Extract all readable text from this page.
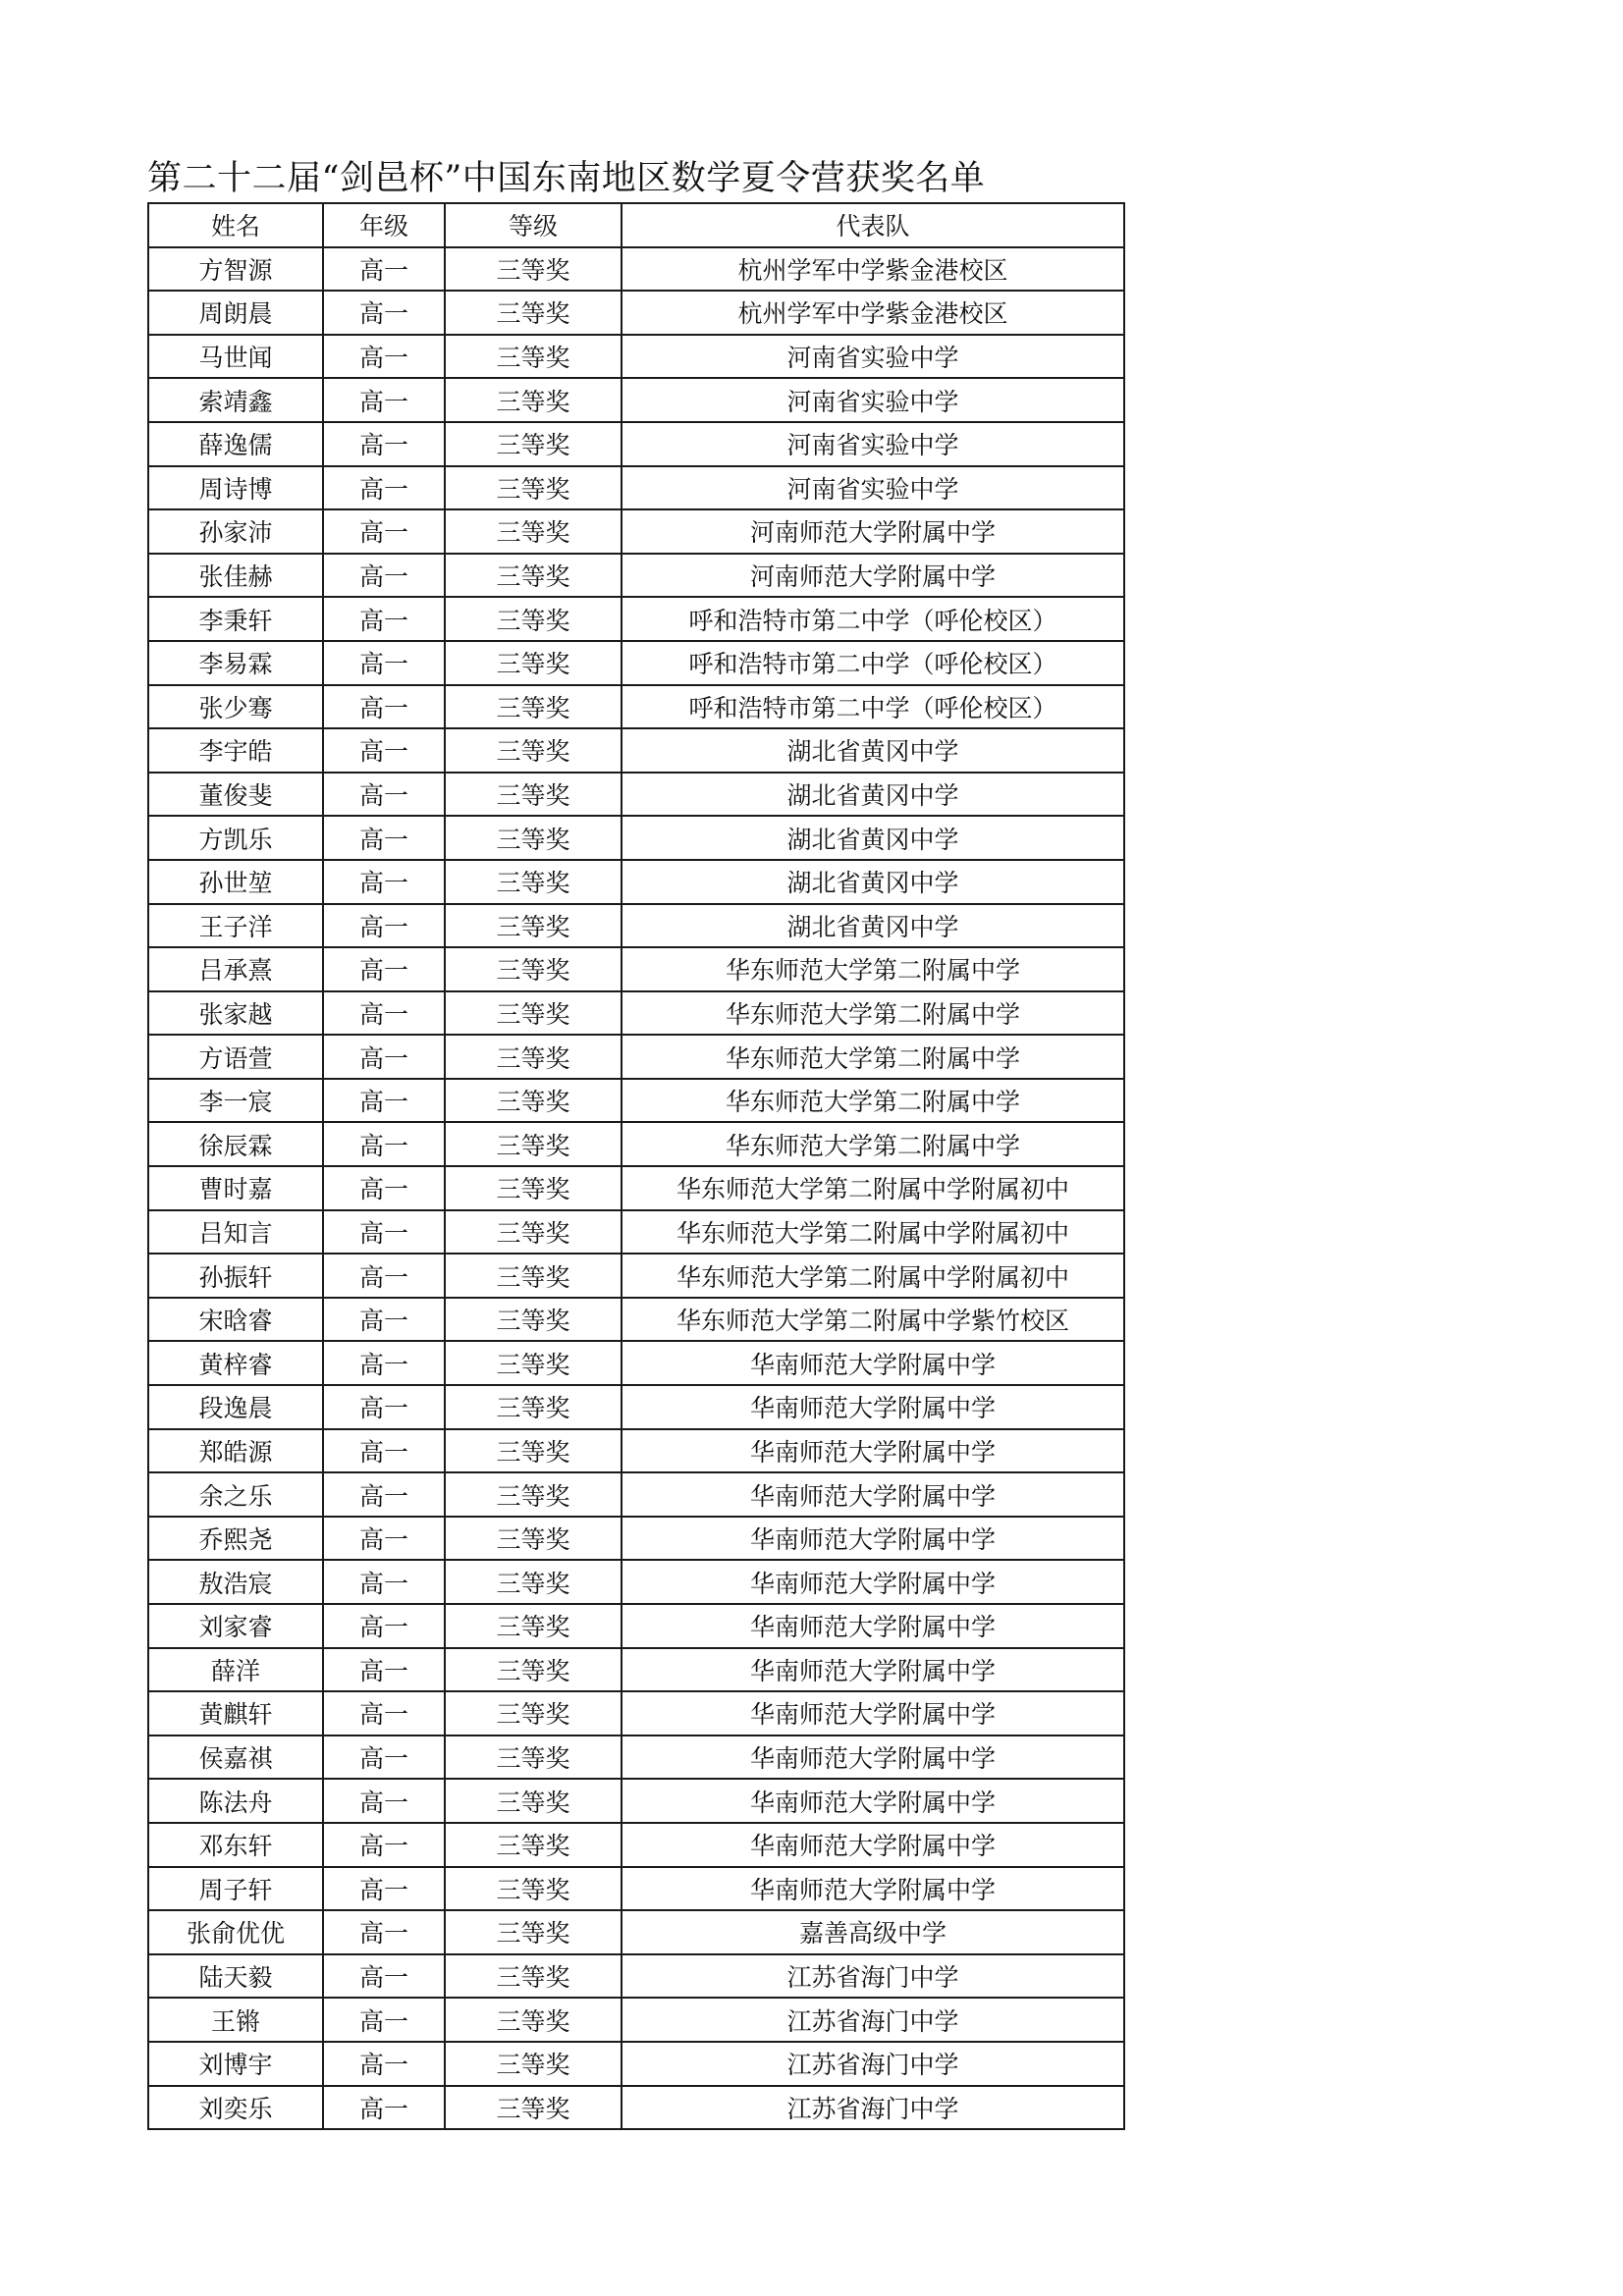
第二十二届“剑邑杯”中国东南地区数学夏令营获奖名单
姓名	年级	等级	代表队
方智源	高一	三等奖	杭州学军中学紫金港校区
周朗晨	高一	三等奖	杭州学军中学紫金港校区
马世闻	高一	三等奖	河南省实验中学
索靖鑫	高一	三等奖	河南省实验中学
薛逸儒	高一	三等奖	河南省实验中学
周诗博	高一	三等奖	河南省实验中学
孙家沛	高一	三等奖	河南师范大学附属中学
张佳赫	高一	三等奖	河南师范大学附属中学
李秉轩	高一	三等奖	呼和浩特市第二中学（呼伦校区）
李易霖	高一	三等奖	呼和浩特市第二中学（呼伦校区）
张少骞	高一	三等奖	呼和浩特市第二中学（呼伦校区）
李宇皓	高一	三等奖	湖北省黄冈中学
董俊斐	高一	三等奖	湖北省黄冈中学
方凯乐	高一	三等奖	湖北省黄冈中学
孙世堃	高一	三等奖	湖北省黄冈中学
王子洋	高一	三等奖	湖北省黄冈中学
吕承熹	高一	三等奖	华东师范大学第二附属中学
张家越	高一	三等奖	华东师范大学第二附属中学
方语萱	高一	三等奖	华东师范大学第二附属中学
李一宸	高一	三等奖	华东师范大学第二附属中学
徐辰霖	高一	三等奖	华东师范大学第二附属中学
曹时嘉	高一	三等奖	华东师范大学第二附属中学附属初中
吕知言	高一	三等奖	华东师范大学第二附属中学附属初中
孙振轩	高一	三等奖	华东师范大学第二附属中学附属初中
宋晗睿	高一	三等奖	华东师范大学第二附属中学紫竹校区
黄梓睿	高一	三等奖	华南师范大学附属中学
段逸晨	高一	三等奖	华南师范大学附属中学
郑皓源	高一	三等奖	华南师范大学附属中学
余之乐	高一	三等奖	华南师范大学附属中学
乔熙尧	高一	三等奖	华南师范大学附属中学
敖浩宸	高一	三等奖	华南师范大学附属中学
刘家睿	高一	三等奖	华南师范大学附属中学
薛洋	高一	三等奖	华南师范大学附属中学
黄麒轩	高一	三等奖	华南师范大学附属中学
侯嘉祺	高一	三等奖	华南师范大学附属中学
陈法舟	高一	三等奖	华南师范大学附属中学
邓东轩	高一	三等奖	华南师范大学附属中学
周子轩	高一	三等奖	华南师范大学附属中学
张俞优优	高一	三等奖	嘉善高级中学
陆天毅	高一	三等奖	江苏省海门中学
王锵	高一	三等奖	江苏省海门中学
刘博宇	高一	三等奖	江苏省海门中学
刘奕乐	高一	三等奖	江苏省海门中学
